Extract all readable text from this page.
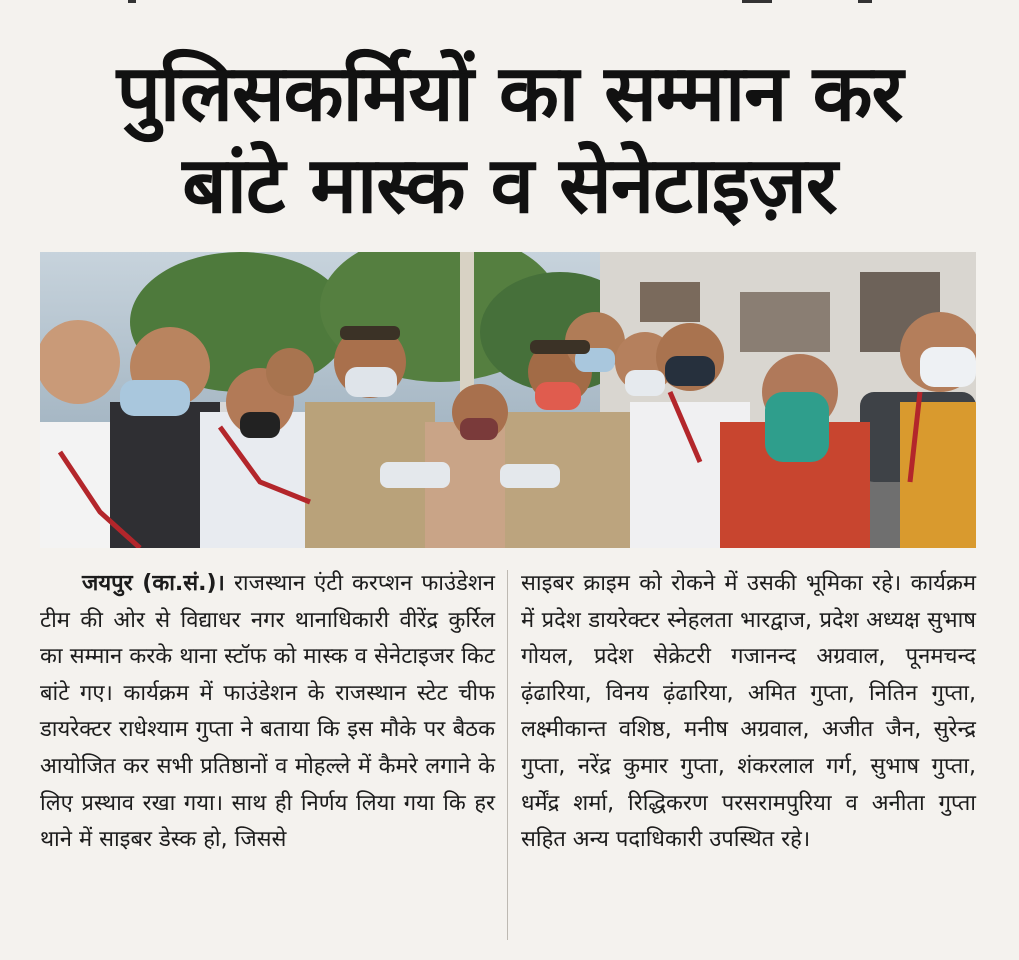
पुलिसकर्मियों का सम्मान कर
बांटे मास्क व सेनेटाइज़र
जयपुर (का.सं.)। राजस्थान एंटी करप्शन फाउंडेशन टीम की ओर से विद्याधर नगर थानाधिकारी वीरेंद्र कुर्रिल का सम्मान करके थाना स्टॉफ को मास्क व सेनेटाइजर किट बांटे गए। कार्यक्रम में फाउंडेशन के राजस्थान स्टेट चीफ डायरेक्टर राधेश्याम गुप्ता ने बताया कि इस मौके पर बैठक आयोजित कर सभी प्रतिष्ठानों व मोहल्ले में कैमरे लगाने के लिए प्रस्थाव रखा गया। साथ ही निर्णय लिया गया कि हर थाने में साइबर डेस्क हो, जिससे
साइबर क्राइम को रोकने में उसकी भूमिका रहे। कार्यक्रम में प्रदेश डायरेक्टर स्नेहलता भारद्वाज, प्रदेश अध्यक्ष सुभाष गोयल, प्रदेश सेक्रेटरी गजानन्द अग्रवाल, पूनमचन्द ढ़ंढारिया, विनय ढ़ंढारिया, अमित गुप्ता, नितिन गुप्ता, लक्ष्मीकान्त वशिष्ठ, मनीष अग्रवाल, अजीत जैन, सुरेन्द्र गुप्ता, नरेंद्र कुमार गुप्ता, शंकरलाल गर्ग, सुभाष गुप्ता, धर्मेंद्र शर्मा, रिद्धिकरण परसरामपुरिया व अनीता गुप्ता सहित अन्य पदाधिकारी उपस्थित रहे।
